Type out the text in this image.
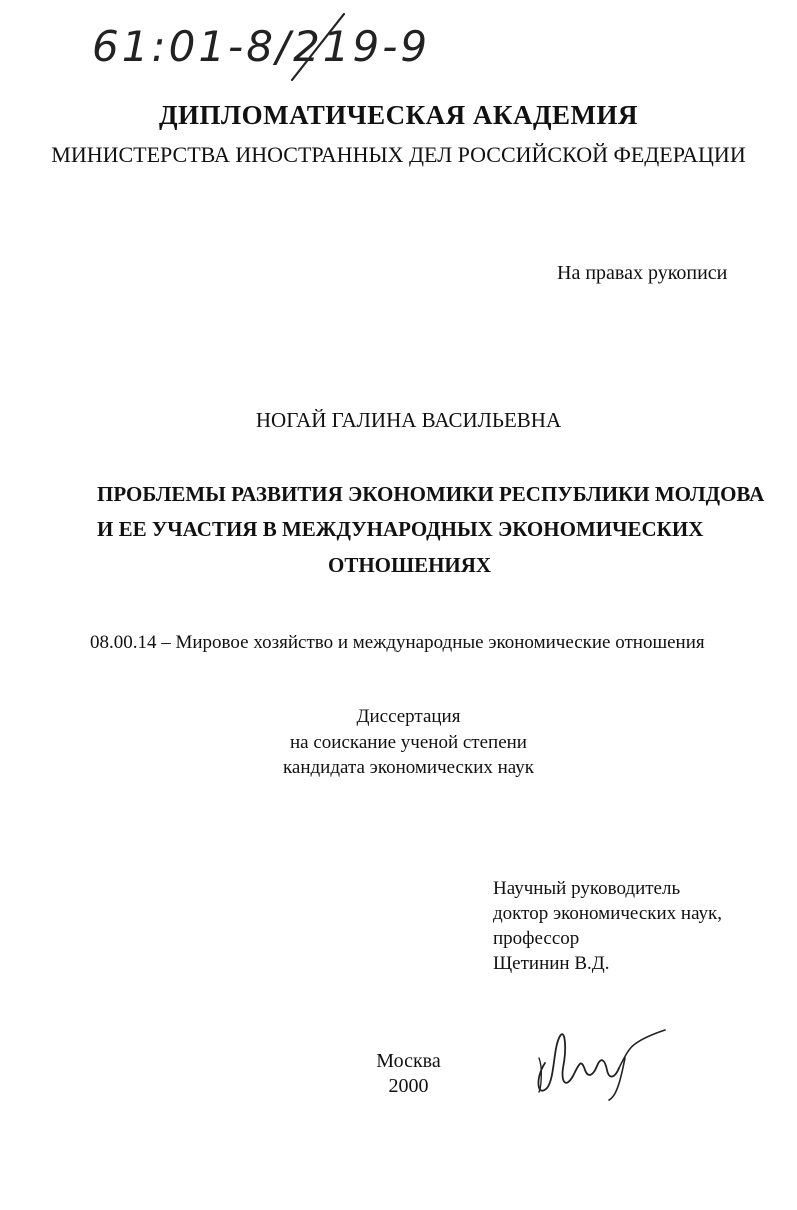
61:01-8/219-9
ДИПЛОМАТИЧЕСКАЯ АКАДЕМИЯ
МИНИСТЕРСТВА ИНОСТРАННЫХ ДЕЛ РОССИЙСКОЙ ФЕДЕРАЦИИ
На правах рукописи
НОГАЙ ГАЛИНА ВАСИЛЬЕВНА
ПРОБЛЕМЫ РАЗВИТИЯ ЭКОНОМИКИ РЕСПУБЛИКИ МОЛДОВА
И ЕЕ УЧАСТИЯ В МЕЖДУНАРОДНЫХ ЭКОНОМИЧЕСКИХ
ОТНОШЕНИЯХ
08.00.14 – Мировое хозяйство и международные экономические отношения
Диссертация
на соискание ученой степени
кандидата экономических наук
Научный руководитель
доктор экономических наук,
профессор
Щетинин В.Д.
Москва
2000
